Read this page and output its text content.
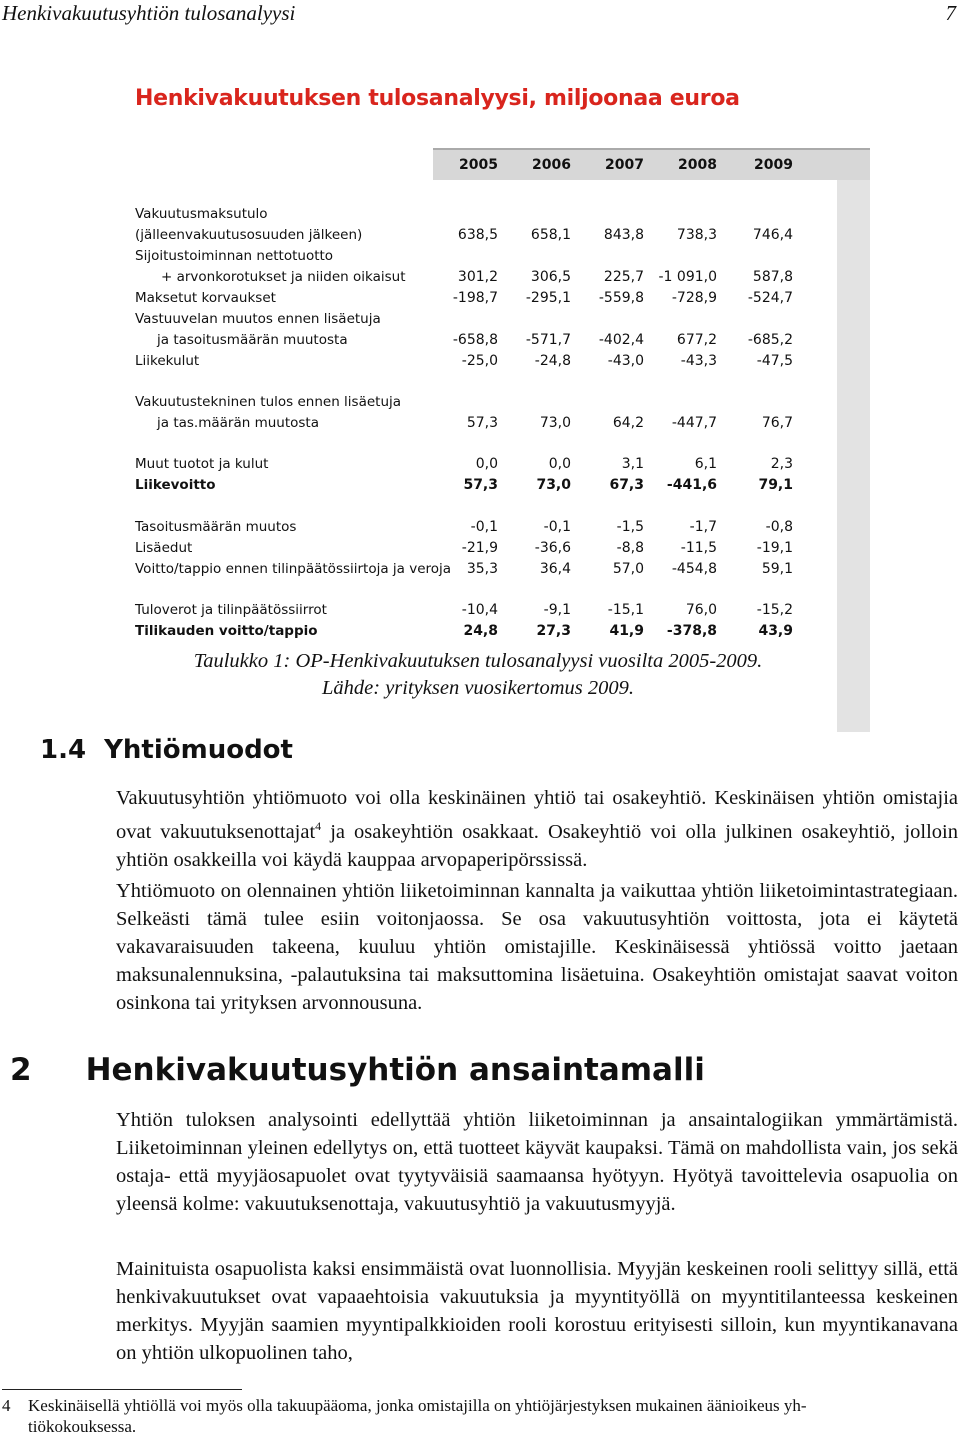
Henkivakuutusyhtiön tulosanalyysi	7
Henkivakuutuksen tulosanalyysi, miljoonaa euroa
2005	2006	2007	2008	2009
Vakuutusmaksutulo
(jälleenvakuutusosuuden jälkeen)	638,5	658,1	843,8	738,3	746,4
Sijoitustoiminnan nettotuotto
+ arvonkorotukset ja niiden oikaisut	301,2	306,5	225,7	-1 091,0	587,8
Maksetut korvaukset	-198,7	-295,1	-559,8	-728,9	-524,7
Vastuuvelan muutos ennen lisäetuja
ja tasoitusmäärän muutosta	-658,8	-571,7	-402,4	677,2	-685,2
Liikekulut	-25,0	-24,8	-43,0	-43,3	-47,5
Vakuutustekninen tulos ennen lisäetuja
ja tas.määrän muutosta	57,3	73,0	64,2	-447,7	76,7
Muut tuotot ja kulut	0,0	0,0	3,1	6,1	2,3
Liikevoitto	57,3	73,0	67,3	-441,6	79,1
Tasoitusmäärän muutos	-0,1	-0,1	-1,5	-1,7	-0,8
Lisäedut	-21,9	-36,6	-8,8	-11,5	-19,1
Voitto/tappio ennen tilinpäätössiirtoja ja veroja	35,3	36,4	57,0	-454,8	59,1
Tuloverot ja tilinpäätössiirrot	-10,4	-9,1	-15,1	76,0	-15,2
Tilikauden voitto/tappio	24,8	27,3	41,9	-378,8	43,9
Taulukko 1: OP-Henkivakuutuksen tulosanalyysi vuosilta 2005-2009.
Lähde: yrityksen vuosikertomus 2009.
1.4 Yhtiömuodot

Vakuutusyhtiön yhtiömuoto voi olla keskinäinen yhtiö tai osakeyhtiö. Keskinäisen yhtiön omistajia ovat vakuutuksenottajat$^4$ ja osakeyhtiön osakkaat. Osakeyhtiö voi olla julkinen osakeyhtiö, jolloin yhtiön osakkeilla voi käydä kauppaa arvopaperipörssissä.

Yhtiömuoto on olennainen yhtiön liiketoiminnan kannalta ja vaikuttaa yhtiön liiketoimintastrategiaan. Selkeästi tämä tulee esiin voitonjaossa. Se osa vakuutusyhtiön voittosta, jota ei käytetä vakavaraisuuden takeena, kuuluu yhtiön omistajille. Keskinäisessä yhtiössä voitto jaetaan maksunalennuksina, -palautuksina tai maksuttomina lisäetuina. Osakeyhtiön omistajat saavat voiton osinkona tai yrityksen arvonnousuna.

2 Henkivakuutusyhtiön ansaintamalli

Yhtiön tuloksen analysointi edellyttää yhtiön liiketoiminnan ja ansaintalogiikan ymmärtämistä. Liiketoiminnan yleinen edellytys on, että tuotteet käyvät kaupaksi. Tämä on mahdollista vain, jos sekä ostaja- että myyjäosapuolet ovat tyytyväisiä saamaansa hyötyyn. Hyötyä tavoittelevia osapuolia on yleensä kolme: vakuutuksenottaja, vakuutusyhtiö ja vakuutusmyyjä.

Mainituista osapuolista kaksi ensimmäistä ovat luonnollisia. Myyjän keskeinen rooli selittyy sillä, että henkivakuutukset ovat vapaaehtoisia vakuutuksia ja myyntityöllä on myyntitilanteessa keskeinen merkitys. Myyjän saamien myyntipalkkioiden rooli korostuu erityisesti silloin, kun myyntikanavana on yhtiön ulkopuolinen taho,

4 Keskinäisellä yhtiöllä voi myös olla takuupääoma, jonka omistajilla on yhtiöjärjestyksen mukainen äänioikeus yh-
tiökokouksessa.
